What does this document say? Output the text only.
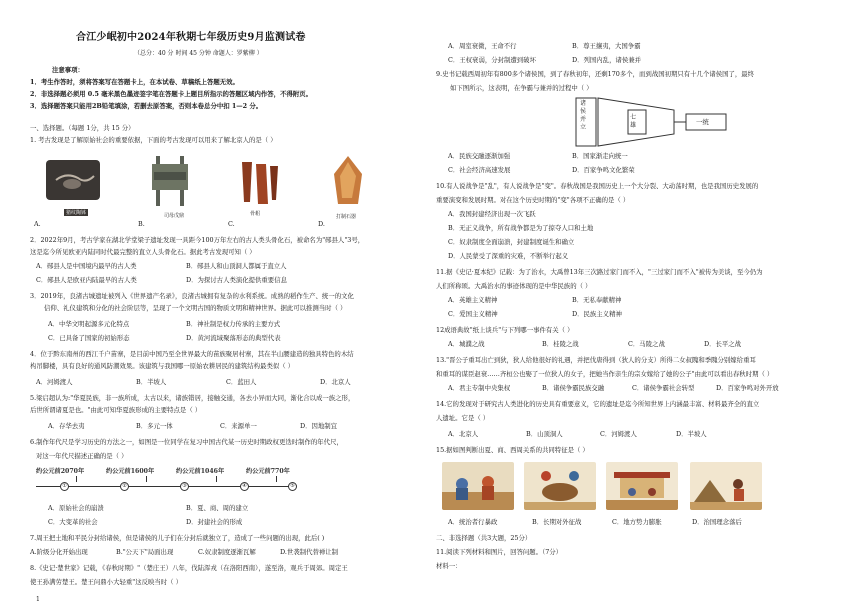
合江少岷初中2024年秋期七年级历史9月监测试卷
（总分：40 分 时间 45 分钟 命题人：罗紫柳 ）
注意事项：
1．考生作答时，须将答案写在答题卡上，在本试卷、草稿纸上答题无效。
2．非选择题必须用 0.5 毫米黑色墨迹签字笔在答题卡上题目所指示的答题区域内作答，不得附页。
3．选择题答案只能用2B铅笔填涂，若删去原答案，否则本卷总分中扣 1—2 分。
一、选择题。（每题 1分，共 15 分）
1. 考古发现是了解原始社会的重要依据，下面的考古发现可以用来了解北京人的是（ ）
猪纹陶钵	司母戊鼎	骨耜	打制石器
A.	B.	C.	D.
2．2022年9月，考古学家在湖北学堂梁子遗址发现一具距今100万年左右的古人类头骨化石，被命名为"郧县人"3号，
这是迄今所见欧亚内陆同时代最完整的直立人头骨化石。据此考古发现可知（ ）
A．郧县人是中国境内最早的古人类	B．郧县人和山顶洞人都属于直立人
C．郧县人是欧亚内陆最早的古人类	D．为探讨古人类演化提供重要信息
3．2019年，良渚古城遗址被列入《世界遗产名录》，良渚古城拥有复杂的水利系统。成熟的稻作生产、统一的文化
信仰、礼仪建筑和分化的社会阶层等，呈现了一个文明古国的物质文明和精神世界。据此可以推测当时（ ）
A．中华文明起源多元化特点	B．神社制是权力传承的主要方式
C．已具备了国家的初始形态	D．黄河流域聚落形态的典型代表
4．位于黔东南州的西江千户苗寨，是目前中国乃至全世界最大的苗族聚居村寨，其在半山腰建造的独具特色的木结
构吊脚楼，具有良好的通风防潮效果。该建筑与我国哪一原始农耕居民的建筑结构最类似（ ）
A．河姆渡人	B．半坡人	C．蓝田人	D．北京人
5.梁启超认为:"华夏民族，非一族所成，太古以来，诸族错居，接触交通，各去小异而大同，渐化合以成一族之形，
后世所谓诸夏是也。"由此可知华夏族形成的主要特点是（ ）
A．存华去夷	B．多元一体	C．来源单一	D．因地制宜
6.制作年代尺是学习历史的方法之一，如图是一位同学在复习中国古代某一历史时期政权更迭时制作的年代尺，
对这一年代尺描述正确的是（ ）
约公元前2070年	约公元前1600年	约公元前1046年	约公元前770年
①	②	③	④	⑤
A．原始社会的崩溃	B．夏、商、周的建立
C．大变革的社会	D．封建社会的形成
7.周王把土地和平民分封给诸侯，但是诸侯的儿子们在分封后就独立了，造成了一些问题的出现，此后( )
A.阶级分化开始出现	B."公天下"局面出现	C.奴隶制度逐渐瓦解	D.世袭制代替禅让制
8.《史记·楚世家》记载，《春秋时期》"（楚庄王）八年，伐陆浑戎（在洛阳西南），遂至洛，观兵于周郊。周定王
使王孙满劳楚王。楚王问鼎小大轻重"这反映当时（ ）
A．周室衰微，王命不行	B．尊王攘夷，大国争霸
C．王权衰弱，分封制遭到破坏	D．列国内乱，诸侯兼并
9.史书记载西周初年有800多个诸侯国，到了春秋初年，还剩170多个，而到战国初期只有十几个诸侯国了，最终
如下图所示，这表明，在争霸与兼并的过程中（ ）
诸侯并立
七雄	一统
A．民族交融逐渐加强	B．国家渐走向统一
C．社会经济高速发展	D．百家争鸣文化繁荣
10.有人说战争是"乱"，有人说战争是"变"。春秋战国是我国历史上一个大分裂、大动荡时期，也是我国历史发展的
重要演变和发展时期。对在这个历史时期的"变"各项不正确的是（ ）
A．我国封建经济出现一次飞跃
B．无正义战争，所有战争都是为了掠夺人口和土地
C．奴隶制度全面崩溃，封建制度诞生和确立
D．人民蒙受了深重的灾难，不断举行起义
11.据《史记·夏本纪》记载：为了治水，大禹曾13年三次路过家门而不入，"三过家门而不入"被传为美谈，至今仍为
人们所称颂。大禹治水的事迹体现的是中华民族的（ ）
A．英雄主义精神	B．无私奉献精神
C．爱国主义精神	D．民族主义精神
12成语典故"纸上谈兵"与下列哪一事件有关（ ）
A．城濮之战	B．桂陵之战	C．马陵之战	D．长平之战
13."晋公子重耳出亡到狄，狄人给他很好的礼遇，并把伐唐得到（狄人的分支）所得二女叔隗和季隗分别嫁给重耳
和重耳的谋臣赵衰……齐桓公也娶了一位狄人的女子，把她当作亲生的宗女嫁给了她的公子"由此可以看出春秋时期（ ）
A．君主专制中央集权	B．诸侯争霸民族交融	C．诸侯争霸社会转型	D．百家争鸣对外开放
14.它的发现对于研究古人类进化的历史具有重要意义，它的遗址是迄今所知世界上内涵最丰富、材料最齐全的直立
人遗址。它是（ ）
A．北京人	B．山顶洞人	C．河姆渡人	D．半坡人
15.据如图判断出夏、商、西周关系的共同特征是（ ）
A．统治者行暴政	B．长期对外征战	C．地方势力膨胀	D．治国理念落后
二、非选择题（共3大题，25分）
11.阅读下列材料和图片，回答问题。（7分）
材料一：
1
